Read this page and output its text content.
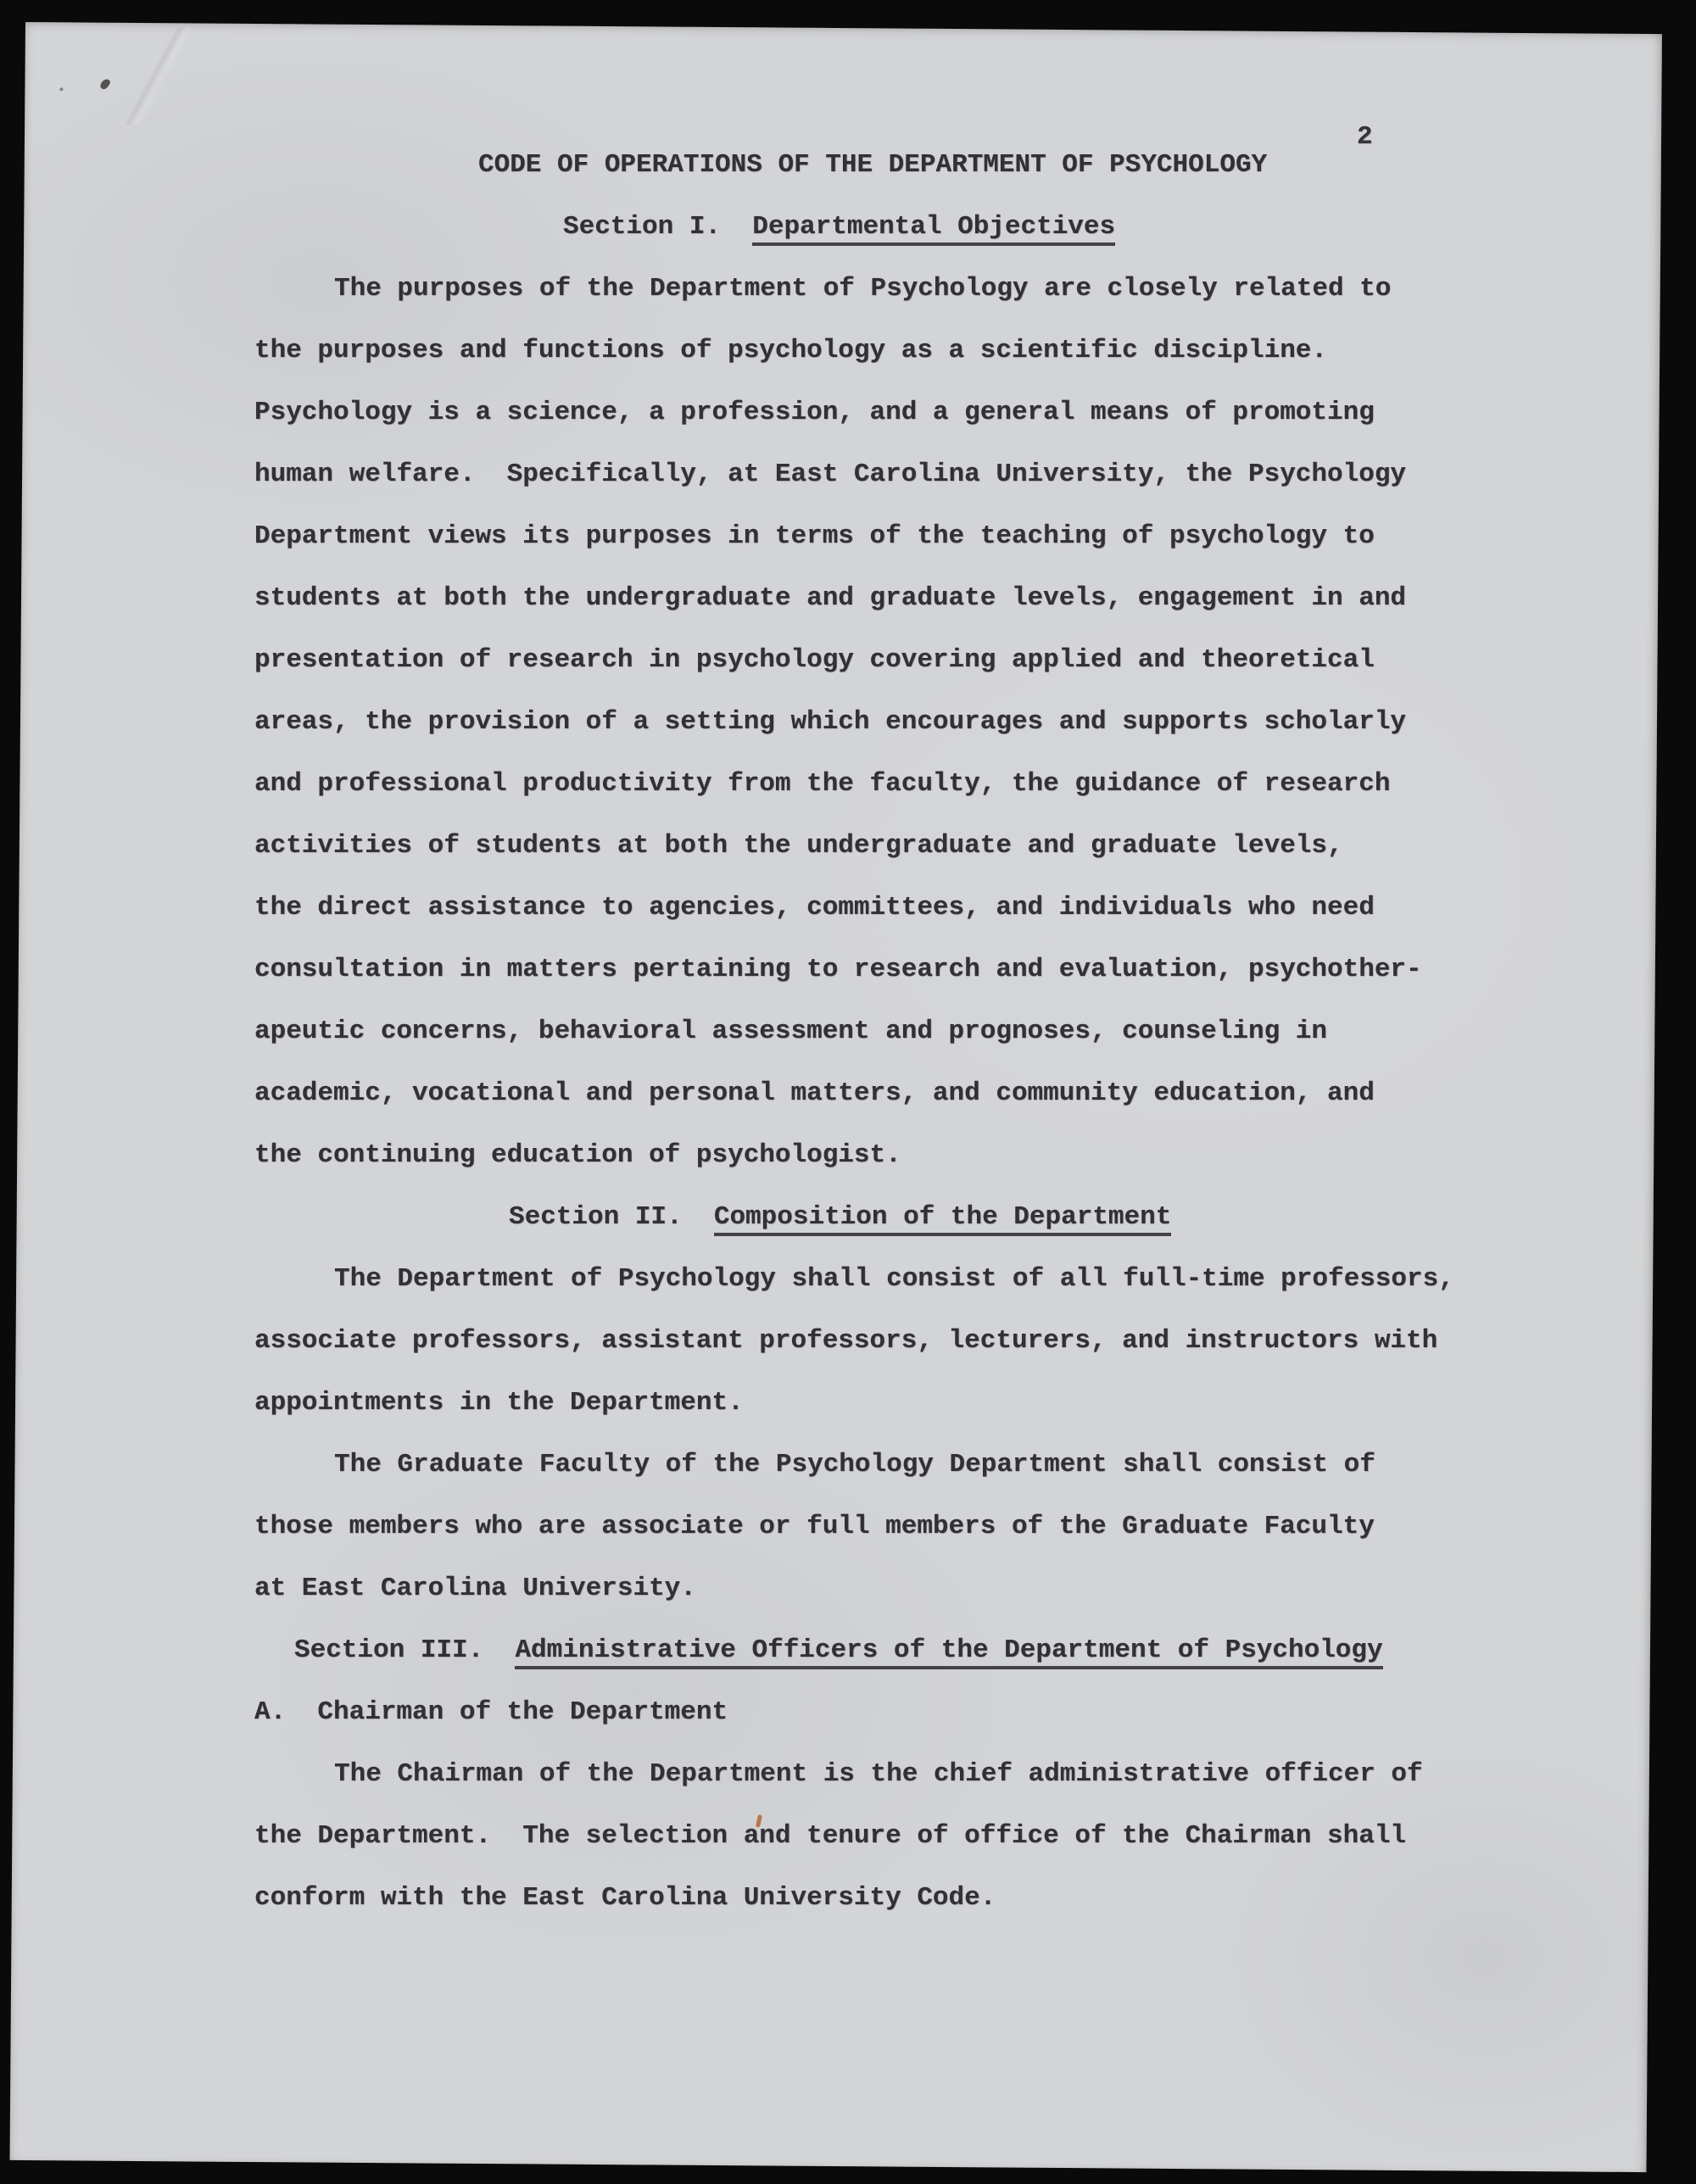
2
CODE OF OPERATIONS OF THE DEPARTMENT OF PSYCHOLOGY
Section I.  Departmental Objectives
The purposes of the Department of Psychology are closely related to
the purposes and functions of psychology as a scientific discipline.
Psychology is a science, a profession, and a general means of promoting
human welfare.  Specifically, at East Carolina University, the Psychology
Department views its purposes in terms of the teaching of psychology to
students at both the undergraduate and graduate levels, engagement in and
presentation of research in psychology covering applied and theoretical
areas, the provision of a setting which encourages and supports scholarly
and professional productivity from the faculty, the guidance of research
activities of students at both the undergraduate and graduate levels,
the direct assistance to agencies, committees, and individuals who need
consultation in matters pertaining to research and evaluation, psychother-
apeutic concerns, behavioral assessment and prognoses, counseling in
academic, vocational and personal matters, and community education, and
the continuing education of psychologist.
Section II.  Composition of the Department
The Department of Psychology shall consist of all full-time professors,
associate professors, assistant professors, lecturers, and instructors with
appointments in the Department.
The Graduate Faculty of the Psychology Department shall consist of
those members who are associate or full members of the Graduate Faculty
at East Carolina University.
Section III.  Administrative Officers of the Department of Psychology
A.  Chairman of the Department
The Chairman of the Department is the chief administrative officer of
the Department.  The selection and tenure of office of the Chairman shall
conform with the East Carolina University Code.
